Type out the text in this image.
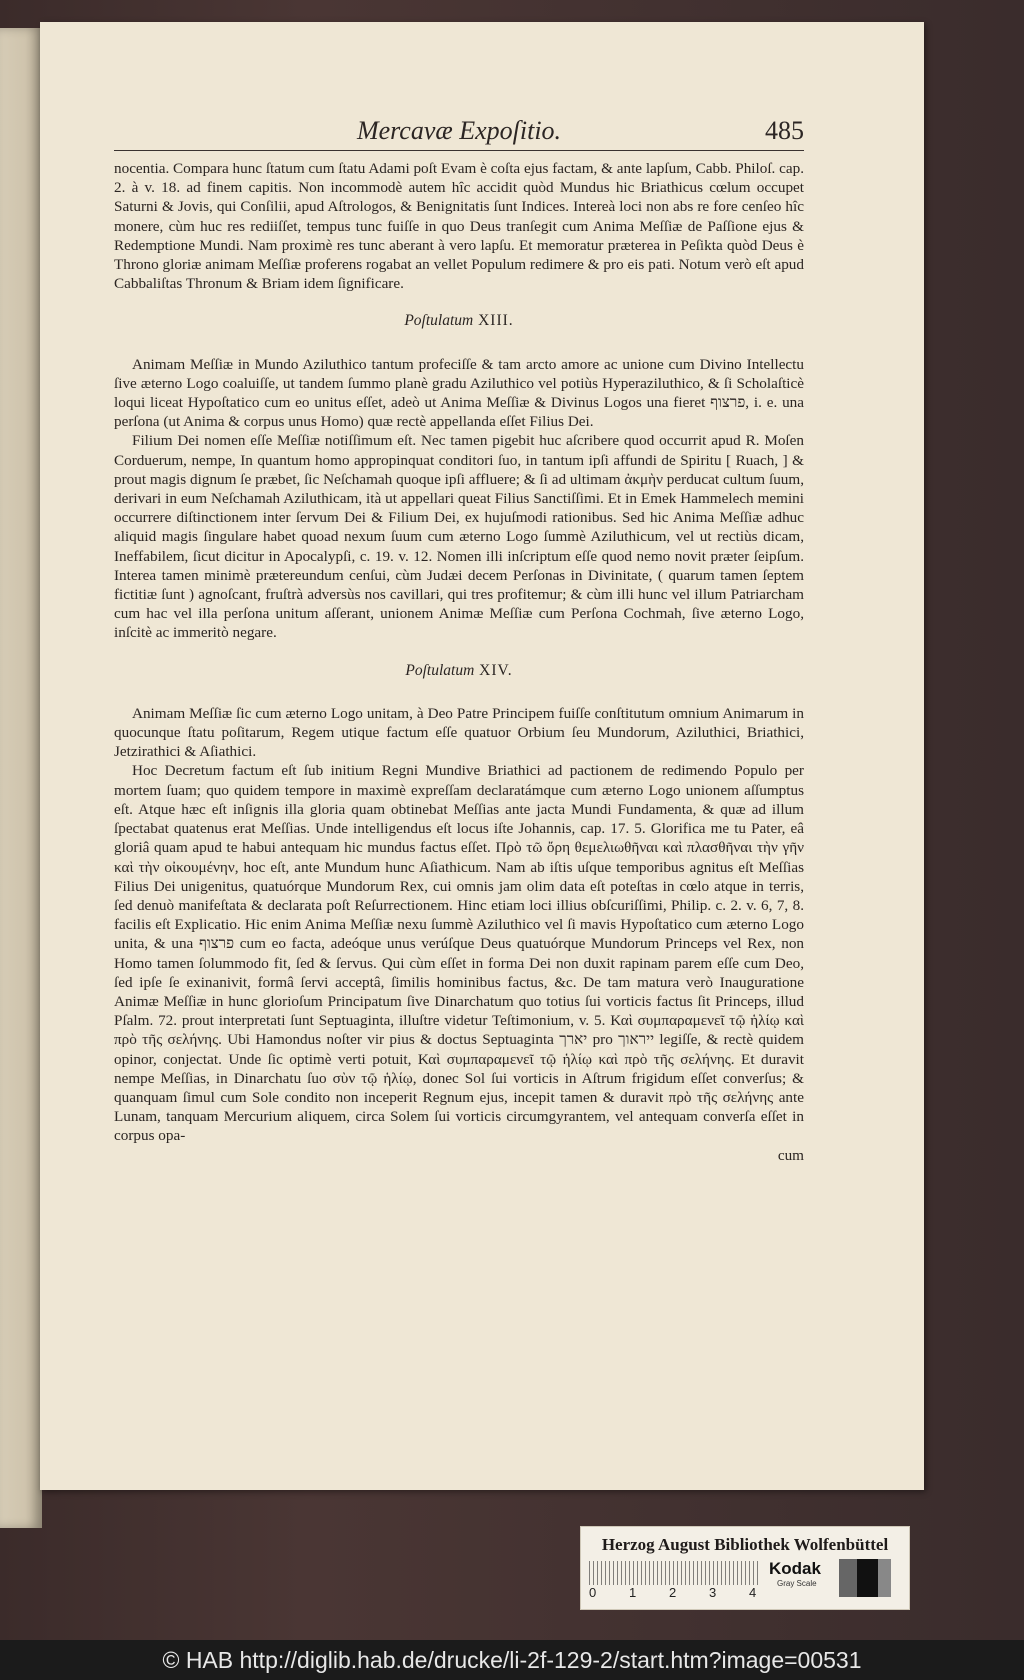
Mercavæ Expoſitio.	485

nocentia. Compara hunc ſtatum cum ſtatu Adami poſt Evam è coſta ejus factam, & ante lapſum, Cabb. Philoſ. cap. 2. à v. 18. ad finem capitis. Non incommodè autem hîc accidit quòd Mundus hic Briathicus cœlum occupet Saturni & Jovis, qui Conſilii, apud Aſtrologos, & Benignitatis ſunt Indices. Intereà loci non abs re fore cenſeo hîc monere, cùm huc res rediiſſet, tempus tunc fuiſſe in quo Deus tranſegit cum Anima Meſſiæ de Paſſione ejus & Redemptione Mundi. Nam proximè res tunc aberant à vero lapſu. Et memoratur præterea in Peſikta quòd Deus è Throno gloriæ animam Meſſiæ proferens rogabat an vellet Populum redimere & pro eis pati. Notum verò eſt apud Cabbaliſtas Thronum & Briam idem ſignificare.

Poſtulatum XIII.

Animam Meſſiæ in Mundo Aziluthico tantum profeciſſe & tam arcto amore ac unione cum Divino Intellectu ſive æterno Logo coaluiſſe, ut tandem ſummo planè gradu Aziluthico vel potiùs Hyperaziluthico, & ſi Scholaſticè loqui liceat Hypoſtatico cum eo unitus eſſet, adeò ut Anima Meſſiæ & Divinus Logos una fieret פרצוף, i. e. una perſona (ut Anima & corpus unus Homo) quæ rectè appellanda eſſet Filius Dei.

Filium Dei nomen eſſe Meſſiæ notiſſimum eſt. Nec tamen pigebit huc aſcribere quod occurrit apud R. Moſen Corduerum, nempe, In quantum homo appropinquat conditori ſuo, in tantum ipſi affundi de Spiritu [ Ruach, ] & prout magis dignum ſe præbet, ſic Neſchamah quoque ipſi affluere; & ſi ad ultimam ἀκμὴν perducat cultum ſuum, derivari in eum Neſchamah Aziluthicam, ità ut appellari queat Filius Sanctiſſimi. Et in Emek Hammelech memini occurrere diſtinctionem inter ſervum Dei & Filium Dei, ex hujuſmodi rationibus. Sed hic Anima Meſſiæ adhuc aliquid magis ſingulare habet quoad nexum ſuum cum æterno Logo ſummè Aziluthicum, vel ut rectiùs dicam, Ineffabilem, ſicut dicitur in Apocalypſi, c. 19. v. 12. Nomen illi inſcriptum eſſe quod nemo novit præter ſeipſum. Interea tamen minimè prætereundum cenſui, cùm Judæi decem Perſonas in Divinitate, ( quarum tamen ſeptem fictitiæ ſunt ) agnoſcant, fruſtrà adversùs nos cavillari, qui tres profitemur; & cùm illi hunc vel illum Patriarcham cum hac vel illa perſona unitum aſſerant, unionem Animæ Meſſiæ cum Perſona Cochmah, ſive æterno Logo, inſcitè ac immeritò negare.

Poſtulatum XIV.

Animam Meſſiæ ſic cum æterno Logo unitam, à Deo Patre Principem fuiſſe conſtitutum omnium Animarum in quocunque ſtatu poſitarum, Regem utique factum eſſe quatuor Orbium ſeu Mundorum, Aziluthici, Briathici, Jetzirathici & Aſiathici.

Hoc Decretum factum eſt ſub initium Regni Mundive Briathici ad pactionem de redimendo Populo per mortem ſuam; quo quidem tempore in maximè expreſſam declaratámque cum æterno Logo unionem aſſumptus eſt. Atque hæc eſt inſignis illa gloria quam obtinebat Meſſias ante jacta Mundi Fundamenta, & quæ ad illum ſpectabat quatenus erat Meſſias. Unde intelligendus eſt locus iſte Johannis, cap. 17. 5. Glorifica me tu Pater, eâ gloriâ quam apud te habui antequam hic mundus factus eſſet. Πρὸ τῶ ὄρη θεμελιωθῆναι καὶ πλασθῆναι τὴν γῆν καὶ τὴν οἰκουμένην, hoc eſt, ante Mundum hunc Aſiathicum. Nam ab iſtis uſque temporibus agnitus eſt Meſſias Filius Dei unigenitus, quatuórque Mundorum Rex, cui omnis jam olim data eſt poteſtas in cœlo atque in terris, ſed denuò manifeſtata & declarata poſt Reſurrectionem. Hinc etiam loci illius obſcuriſſimi, Philip. c. 2. v. 6, 7, 8. facilis eſt Explicatio. Hic enim Anima Meſſiæ nexu ſummè Aziluthico vel ſi mavis Hypoſtatico cum æterno Logo unita, & una פרצוף cum eo facta, adeóque unus verúſque Deus quatuórque Mundorum Princeps vel Rex, non Homo tamen ſolummodo fit, ſed & ſervus. Qui cùm eſſet in forma Dei non duxit rapinam parem eſſe cum Deo, ſed ipſe ſe exinanivit, formâ ſervi acceptâ, ſimilis hominibus factus, &c. De tam matura verò Inauguratione Animæ Meſſiæ in hunc glorioſum Principatum ſive Dinarchatum quo totius ſui vorticis factus ſit Princeps, illud Pſalm. 72. prout interpretati ſunt Septuaginta, illuſtre videtur Teſtimonium, v. 5. Καὶ συμπαραμενεῖ τῷ ἡλίῳ καὶ πρὸ τῆς σελήνης. Ubi Hamondus noſter vir pius & doctus Septuaginta יארך pro ייראוך legiſſe, & rectè quidem opinor, conjectat. Unde ſic optimè verti potuit, Καὶ συμπαραμενεῖ τῷ ἡλίῳ καὶ πρὸ τῆς σελήνης. Et duravit nempe Meſſias, in Dinarchatu ſuo σὺν τῷ ἡλίῳ, donec Sol ſui vorticis in Aſtrum frigidum eſſet converſus; & quanquam ſimul cum Sole condito non inceperit Regnum ejus, incepit tamen & duravit πρὸ τῆς σελήνης ante Lunam, tanquam Mercurium aliquem, circa Solem ſui vorticis circumgyrantem, vel antequam converſa eſſet in corpus opa-

cum
Herzog August Bibliothek Wolfenbüttel
0	1	2	3	4
Kodak
Gray Scale
© HAB http://diglib.hab.de/drucke/li-2f-129-2/start.htm?image=00531
